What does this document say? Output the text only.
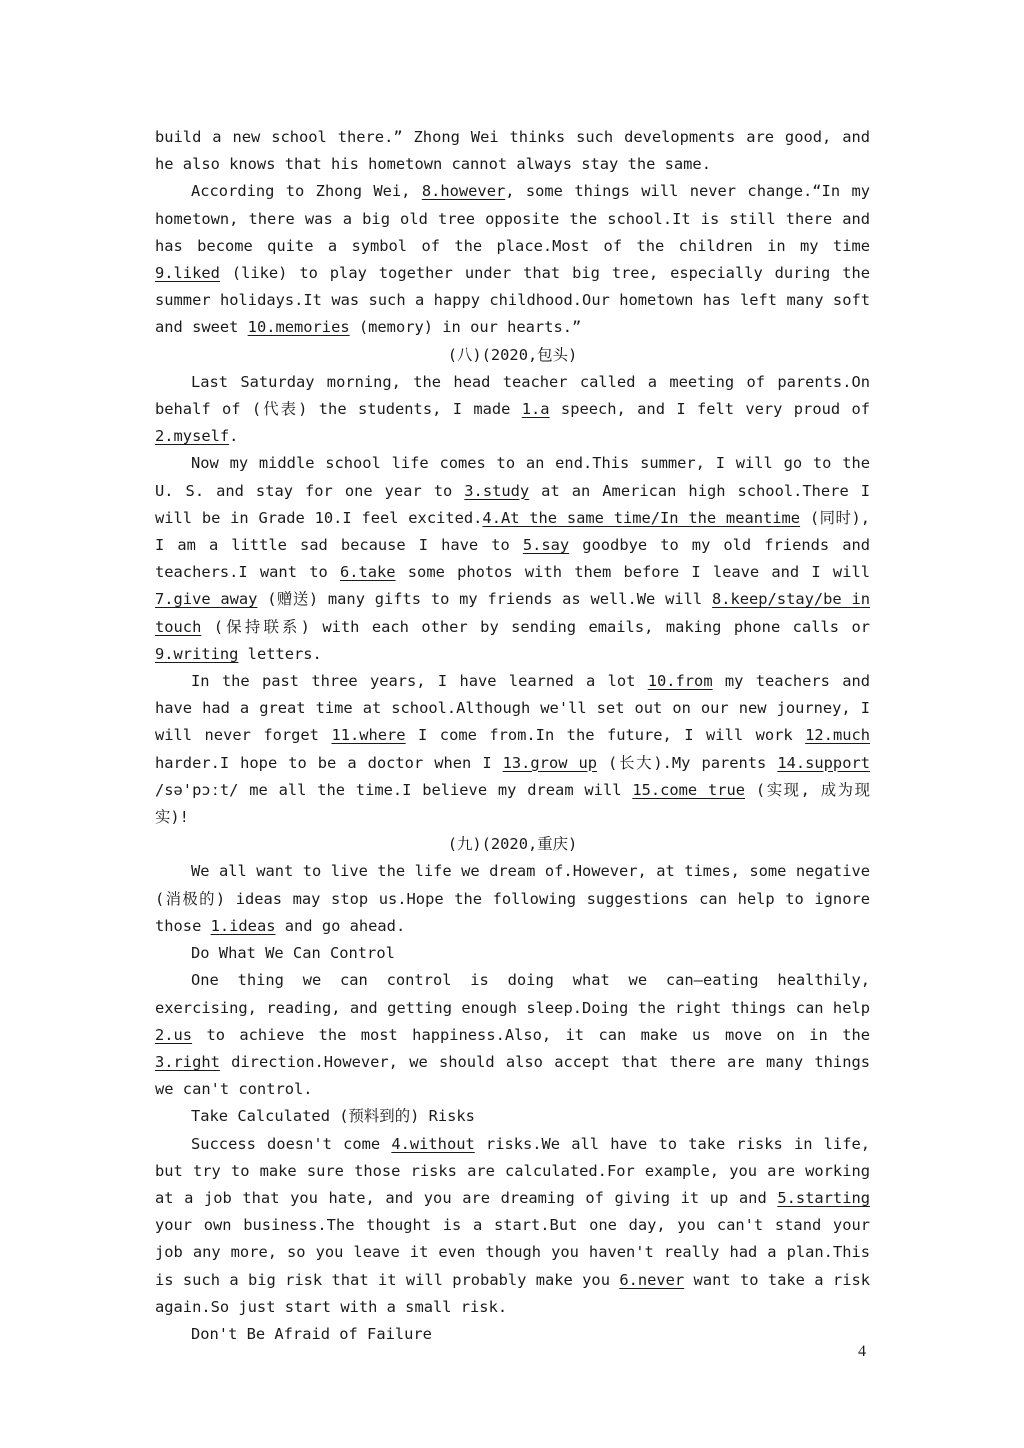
build a new school there.” Zhong Wei thinks such developments are good, and he also knows that his hometown cannot always stay the same.

According to Zhong Wei, 8.however, some things will never change.“In my hometown, there was a big old tree opposite the school.It is still there and has become quite a symbol of the place.Most of the children in my time 9.liked (like) to play together under that big tree, especially during the summer holidays.It was such a happy childhood.Our hometown has left many soft and sweet 10.memories (memory) in our hearts.”

(八)(2020,包头)

Last Saturday morning, the head teacher called a meeting of parents.On behalf of (代表) the students, I made 1.a speech, and I felt very proud of 2.myself.

Now my middle school life comes to an end.This summer, I will go to the U. S. and stay for one year to 3.study at an American high school.There I will be in Grade 10.I feel excited.4.At the same time/In the meantime (同时), I am a little sad because I have to 5.say goodbye to my old friends and teachers.I want to 6.take some photos with them before I leave and I will 7.give away (赠送) many gifts to my friends as well.We will 8.keep/stay/be in touch (保持联系) with each other by sending emails, making phone calls or 9.writing letters.

In the past three years, I have learned a lot 10.from my teachers and have had a great time at school.Although we'll set out on our new journey, I will never forget 11.where I come from.In the future, I will work 12.much harder.I hope to be a doctor when I 13.grow up (长大).My parents 14.support /sə'pɔːt/ me all the time.I believe my dream will 15.come true (实现, 成为现实)!

(九)(2020,重庆)

We all want to live the life we dream of.However, at times, some negative (消极的) ideas may stop us.Hope the following suggestions can help to ignore those 1.ideas and go ahead.

Do What We Can Control

One thing we can control is doing what we can—eating healthily, exercising, reading, and getting enough sleep.Doing the right things can help 2.us to achieve the most happiness.Also, it can make us move on in the 3.right direction.However, we should also accept that there are many things we can't control.

Take Calculated (预料到的) Risks

Success doesn't come 4.without risks.We all have to take risks in life, but try to make sure those risks are calculated.For example, you are working at a job that you hate, and you are dreaming of giving it up and 5.starting your own business.The thought is a start.But one day, you can't stand your job any more, so you leave it even though you haven't really had a plan.This is such a big risk that it will probably make you 6.never want to take a risk again.So just start with a small risk.

Don't Be Afraid of Failure

4
